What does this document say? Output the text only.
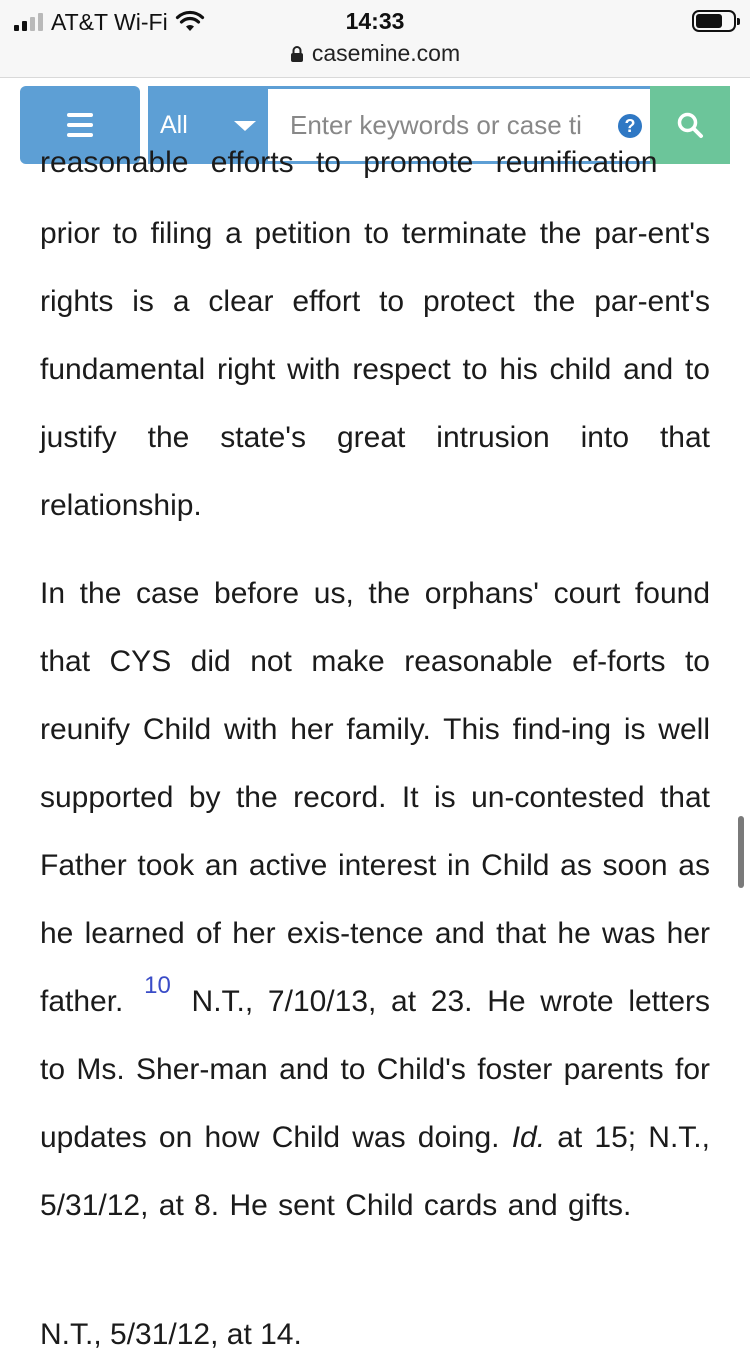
AT&T Wi-Fi	14:33
casemine.com
All
Enter keywords or case ti	?
reasonable efforts to promote reunification

prior to filing a petition to terminate the par-ent's rights is a clear effort to protect the par-ent's fundamental right with respect to his child and to justify the state's great intrusion into that relationship.

In the case before us, the orphans' court found that CYS did not make reasonable ef-forts to reunify Child with her family. This find-ing is well supported by the record. It is un-contested that Father took an active interest in Child as soon as he learned of her exis-tence and that he was her father. $^{10}$ N.T., 7/10/13, at 23. He wrote letters to Ms. Sher-man and to Child's foster parents for updates on how Child was doing. Id. at 15; N.T., 5/31/12, at 8. He sent Child cards and gifts.

N.T., 5/31/12, at 14.
